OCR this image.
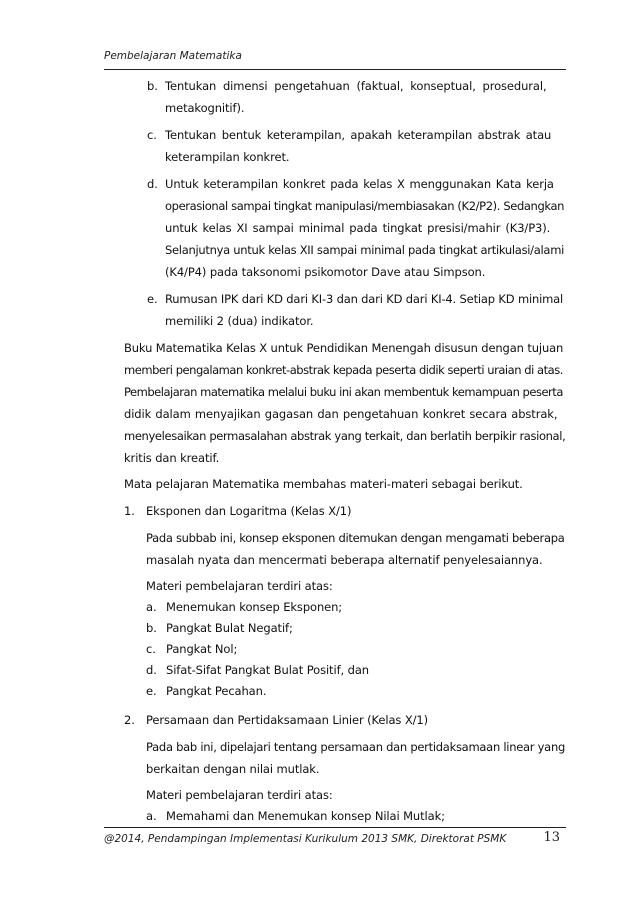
Pembelajaran Matematika
b. Tentukan dimensi pengetahuan (faktual, konseptual, prosedural,
metakognitif).
c. Tentukan bentuk keterampilan, apakah keterampilan abstrak atau
keterampilan konkret.
d. Untuk keterampilan konkret pada kelas X menggunakan Kata kerja
operasional sampai tingkat manipulasi/membiasakan (K2/P2). Sedangkan
untuk kelas XI sampai minimal pada tingkat presisi/mahir (K3/P3).
Selanjutnya untuk kelas XII sampai minimal pada tingkat artikulasi/alami
(K4/P4) pada taksonomi psikomotor Dave atau Simpson.
e. Rumusan IPK dari KD dari KI-3 dan dari KD dari KI-4. Setiap KD minimal
memiliki 2 (dua) indikator.
Buku Matematika Kelas X untuk Pendidikan Menengah disusun dengan tujuan
memberi pengalaman konkret-abstrak kepada peserta didik seperti uraian di atas.
Pembelajaran matematika melalui buku ini akan membentuk kemampuan peserta
didik dalam menyajikan gagasan dan pengetahuan konkret secara abstrak,
menyelesaikan permasalahan abstrak yang terkait, dan berlatih berpikir rasional,
kritis dan kreatif.
Mata pelajaran Matematika membahas materi-materi sebagai berikut.
1. Eksponen dan Logaritma (Kelas X/1)
Pada subbab ini, konsep eksponen ditemukan dengan mengamati beberapa
masalah nyata dan mencermati beberapa alternatif penyelesaiannya.
Materi pembelajaran terdiri atas:
a. Menemukan konsep Eksponen;
b. Pangkat Bulat Negatif;
c. Pangkat Nol;
d. Sifat-Sifat Pangkat Bulat Positif, dan
e. Pangkat Pecahan.
2. Persamaan dan Pertidaksamaan Linier (Kelas X/1)
Pada bab ini, dipelajari tentang persamaan dan pertidaksamaan linear yang
berkaitan dengan nilai mutlak.
Materi pembelajaran terdiri atas:
a. Memahami dan Menemukan konsep Nilai Mutlak;
@2014, Pendampingan Implementasi Kurikulum 2013 SMK, Direktorat PSMK	13
